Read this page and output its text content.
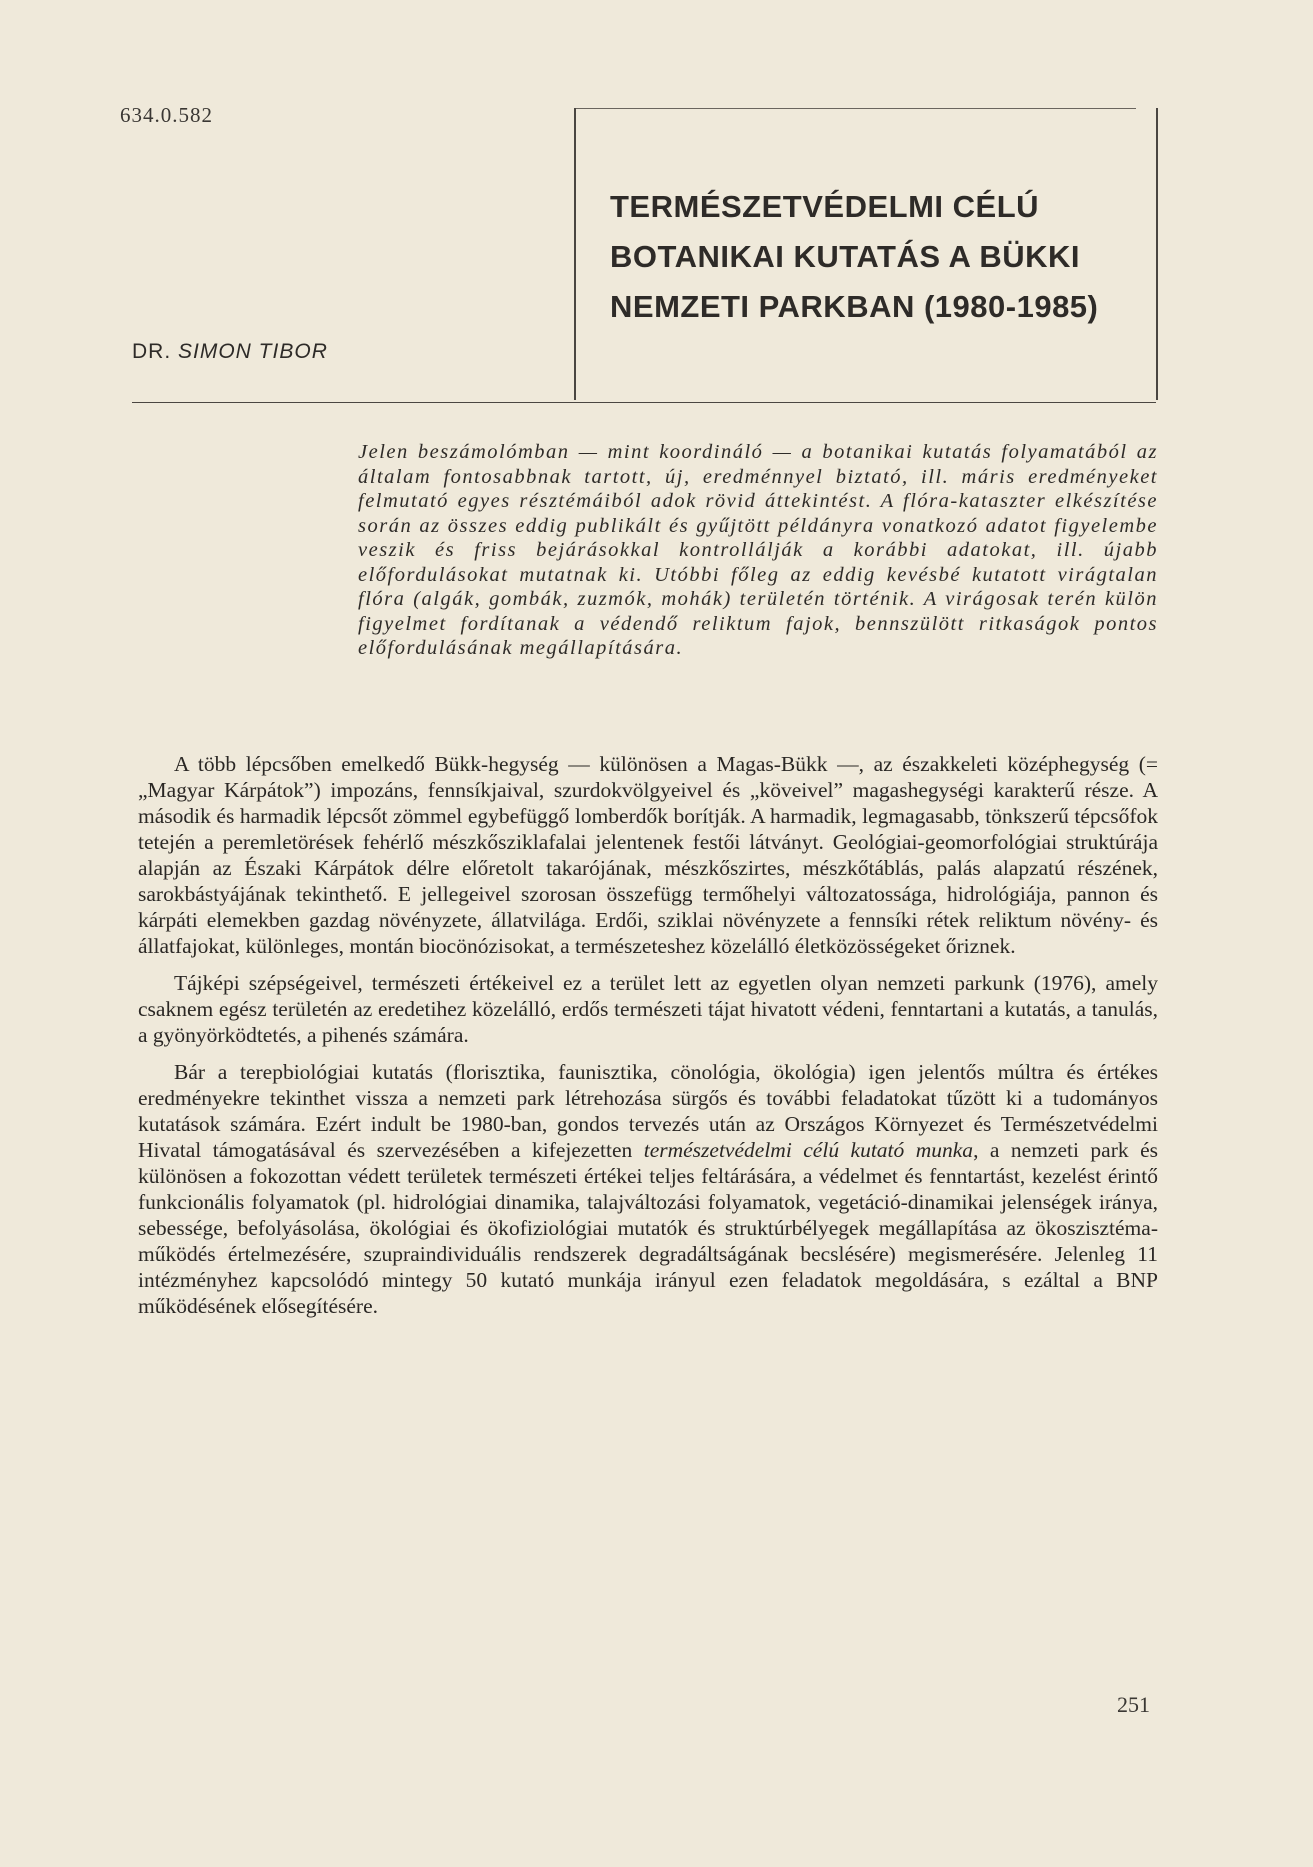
634.0.582
TERMÉSZETVÉDELMI CÉLÚ
BOTANIKAI KUTATÁS A BÜKKI
NEMZETI PARKBAN (1980-1985)
DR. SIMON TIBOR

Jelen beszámolómban — mint koordináló — a botanikai kutatás folyamatából az általam fontosabbnak tartott, új, eredménnyel biztató, ill. máris eredményeket felmutató egyes résztémáiból adok rövid áttekintést. A flóra-kataszter elkészítése során az összes eddig publikált és gyűjtött példányra vonatkozó adatot figyelembe veszik és friss bejárásokkal kontrollálják a korábbi adatokat, ill. újabb előfordulásokat mutatnak ki. Utóbbi főleg az eddig kevésbé kutatott virágtalan flóra (algák, gombák, zuzmók, mohák) területén történik. A virágosak terén külön figyelmet fordítanak a védendő reliktum fajok, bennszülött ritkaságok pontos előfordulásának megállapítására.

A több lépcsőben emelkedő Bükk-hegység — különösen a Magas-Bükk —, az északkeleti középhegység (= „Magyar Kárpátok”) impozáns, fennsíkjaival, szurdokvölgyeivel és „köveivel” magashegységi karakterű része. A második és harmadik lépcsőt zömmel egybefüggő lomberdők borítják. A harmadik, legmagasabb, tönkszerű tépcsőfok tetején a peremletörések fehérlő mészkősziklafalai jelentenek festői látványt. Geológiai-geomorfológiai struktúrája alapján az Északi Kárpátok délre előretolt takarójának, mészkőszirtes, mészkőtáblás, palás alapzatú részének, sarokbástyájának tekinthető. E jellegeivel szorosan összefügg termőhelyi változatossága, hidrológiája, pannon és kárpáti elemekben gazdag növényzete, állatvilága. Erdői, sziklai növényzete a fennsíki rétek reliktum növény- és állatfajokat, különleges, montán biocönózisokat, a természeteshez közelálló életközösségeket őriznek.

Tájképi szépségeivel, természeti értékeivel ez a terület lett az egyetlen olyan nemzeti parkunk (1976), amely csaknem egész területén az eredetihez közelálló, erdős természeti tájat hivatott védeni, fenntartani a kutatás, a tanulás, a gyönyörködtetés, a pihenés számára.

Bár a terepbiológiai kutatás (florisztika, faunisztika, cönológia, ökológia) igen jelentős múltra és értékes eredményekre tekinthet vissza a nemzeti park létrehozása sürgős és további feladatokat tűzött ki a tudományos kutatások számára. Ezért indult be 1980-ban, gondos tervezés után az Országos Környezet és Természetvédelmi Hivatal támogatásával és szervezésében a kifejezetten természetvédelmi célú kutató munka, a nemzeti park és különösen a fokozottan védett területek természeti értékei teljes feltárására, a védelmet és fenntartást, kezelést érintő funkcionális folyamatok (pl. hidrológiai dinamika, talajváltozási folyamatok, vegetáció-dinamikai jelenségek iránya, sebessége, befolyásolása, ökológiai és ökofiziológiai mutatók és struktúrbélyegek megállapítása az ökoszisztéma-működés értelmezésére, szupraindividuális rendszerek degradáltságának becslésére) megismerésére. Jelenleg 11 intézményhez kapcsolódó mintegy 50 kutató munkája irányul ezen feladatok megoldására, s ezáltal a BNP működésének elősegítésére.

251
